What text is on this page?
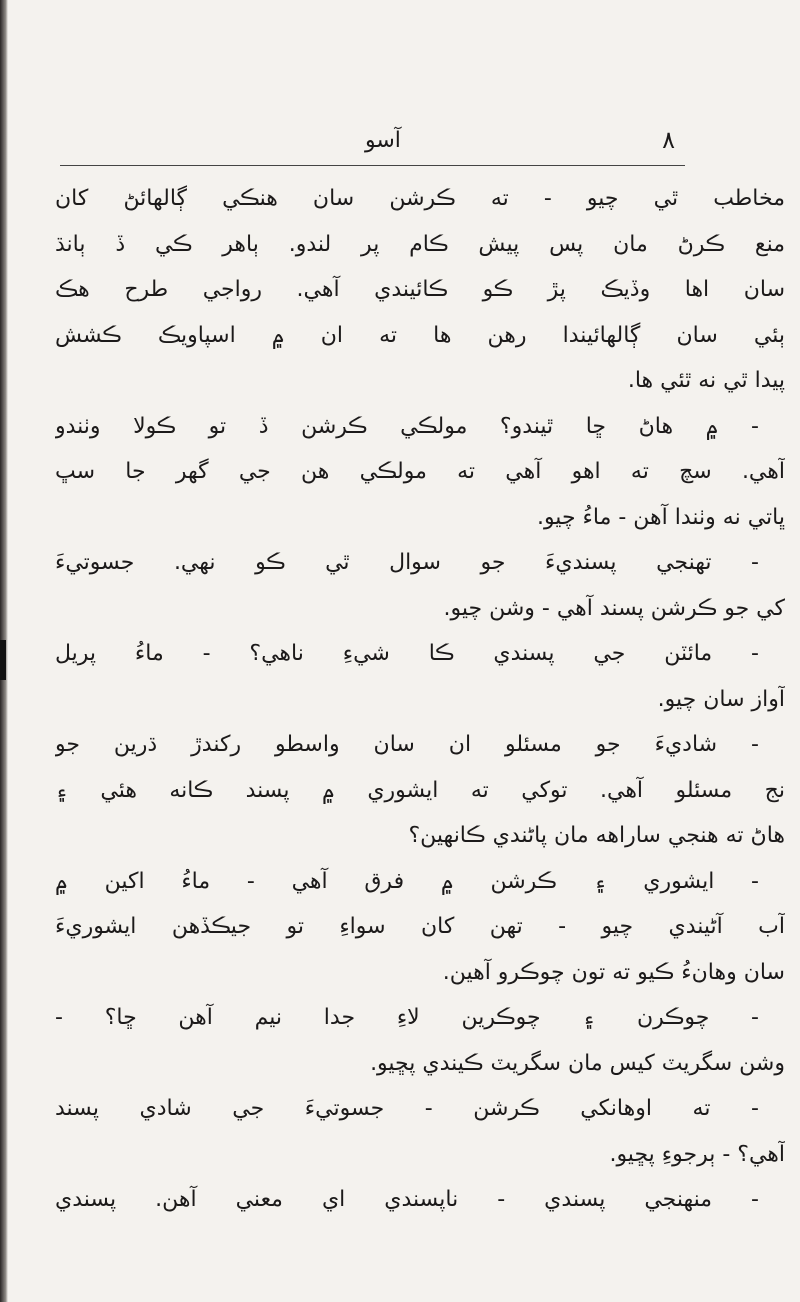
آسو	٨
مخاطب ٿي چيو - ته ڪرشن سان هنڪي ڳالهائڻ کان
منع ڪرڻ مان پس پيش ڪام پر لندو. ٻاهر ڪي ڏ ٻانڌ
سان اها وڏيڪ پڙ ڪو ڪائيندي آهي. رواجي طرح هڪ
ٻئي سان ڳالهائيندا رهن ها ته ان ۾ اسپاويڪ ڪشش
پيدا ٿي نه ٿئي ها.
- ۾ هاڻ ڇا ٿيندو؟ مولڪي ڪرشن ڏ تو ڪولا وٺندو
آهي. سچ ته اهو آهي ته مولڪي هن جي گهر جا سڀ
ڀاتي نه وٺندا آهن - ماءُ چيو.
- تهنجي پسنديءَ جو سوال ٿي ڪو نهي. جسوتيءَ
کي جو ڪرشن پسند آهي - وشن چيو.
- مائٽن جي پسندي ڪا شيءِ ناهي؟ - ماءُ پريل
آواز سان چيو.
- شاديءَ جو مسئلو ان سان واسطو رکندڙ ڌرين جو
نج مسئلو آهي. توکي ته ايشوري ۾ پسند ڪانه هئي ۽
هاڻ ته هنجي ساراهه مان پاڻندي ڪانهين؟
- ايشوري ۽ ڪرشن ۾ فرق آهي - ماءُ اکين ۾
آب آڻيندي چيو - تهن کان سواءِ تو جيڪڏهن ايشوريءَ
سان وهانءُ ڪيو ته تون چوڪرو آهين.
- چوڪرن ۽ چوڪرين لاءِ جدا نيم آهن ڇا؟ -
وشن سگريٽ کيس مان سگريٽ ڪيندي پڇيو.
- ته اوهانکي ڪرشن - جسوتيءَ جي شادي پسند
آهي؟ - ٻرجوءِ پڇيو.
- منهنجي پسندي - ناپسندي اي معني آهن. پسندي
